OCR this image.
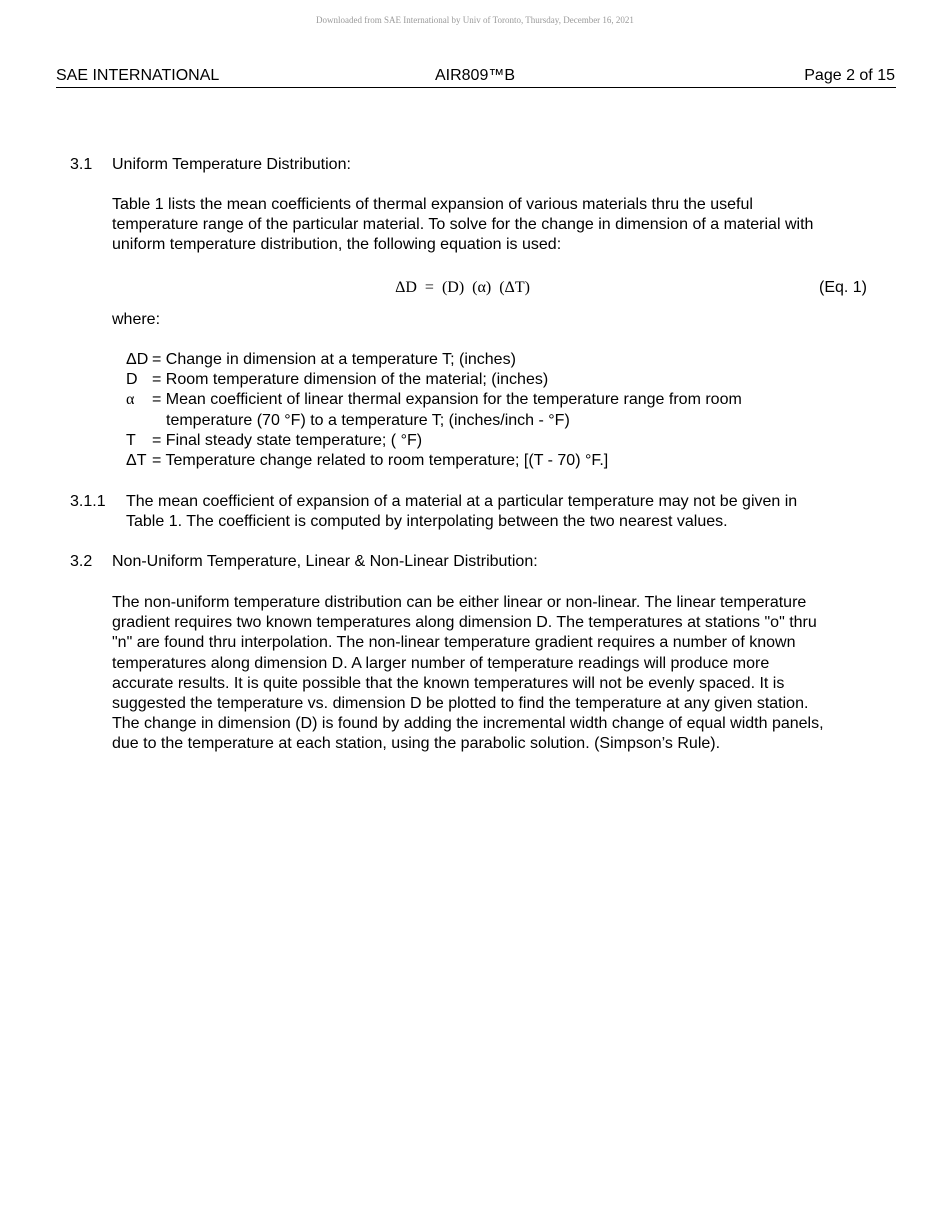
Downloaded from SAE International by Univ of Toronto, Thursday, December 16, 2021
SAE INTERNATIONAL	AIR809™B	Page 2 of 15
3.1 Uniform Temperature Distribution:
Table 1 lists the mean coefficients of thermal expansion of various materials thru the useful
temperature range of the particular material. To solve for the change in dimension of a material with
uniform temperature distribution, the following equation is used:
ΔD  =  (D)  (α)  (ΔT)	(Eq. 1)
where:
ΔD = Change in dimension at a temperature T; (inches)
D = Room temperature dimension of the material; (inches)
α = Mean coefficient of linear thermal expansion for the temperature range from room
temperature (70 °F) to a temperature T; (inches/inch - °F)
T = Final steady state temperature; ( °F)
ΔT = Temperature change related to room temperature; [(T - 70) °F.]
3.1.1 The mean coefficient of expansion of a material at a particular temperature may not be given in
Table 1. The coefficient is computed by interpolating between the two nearest values.
3.2 Non-Uniform Temperature, Linear & Non-Linear Distribution:
The non-uniform temperature distribution can be either linear or non-linear. The linear temperature
gradient requires two known temperatures along dimension D. The temperatures at stations "o" thru
"n" are found thru interpolation. The non-linear temperature gradient requires a number of known
temperatures along dimension D. A larger number of temperature readings will produce more
accurate results. It is quite possible that the known temperatures will not be evenly spaced. It is
suggested the temperature vs. dimension D be plotted to find the temperature at any given station.
The change in dimension (D) is found by adding the incremental width change of equal width panels,
due to the temperature at each station, using the parabolic solution. (Simpson’s Rule).
